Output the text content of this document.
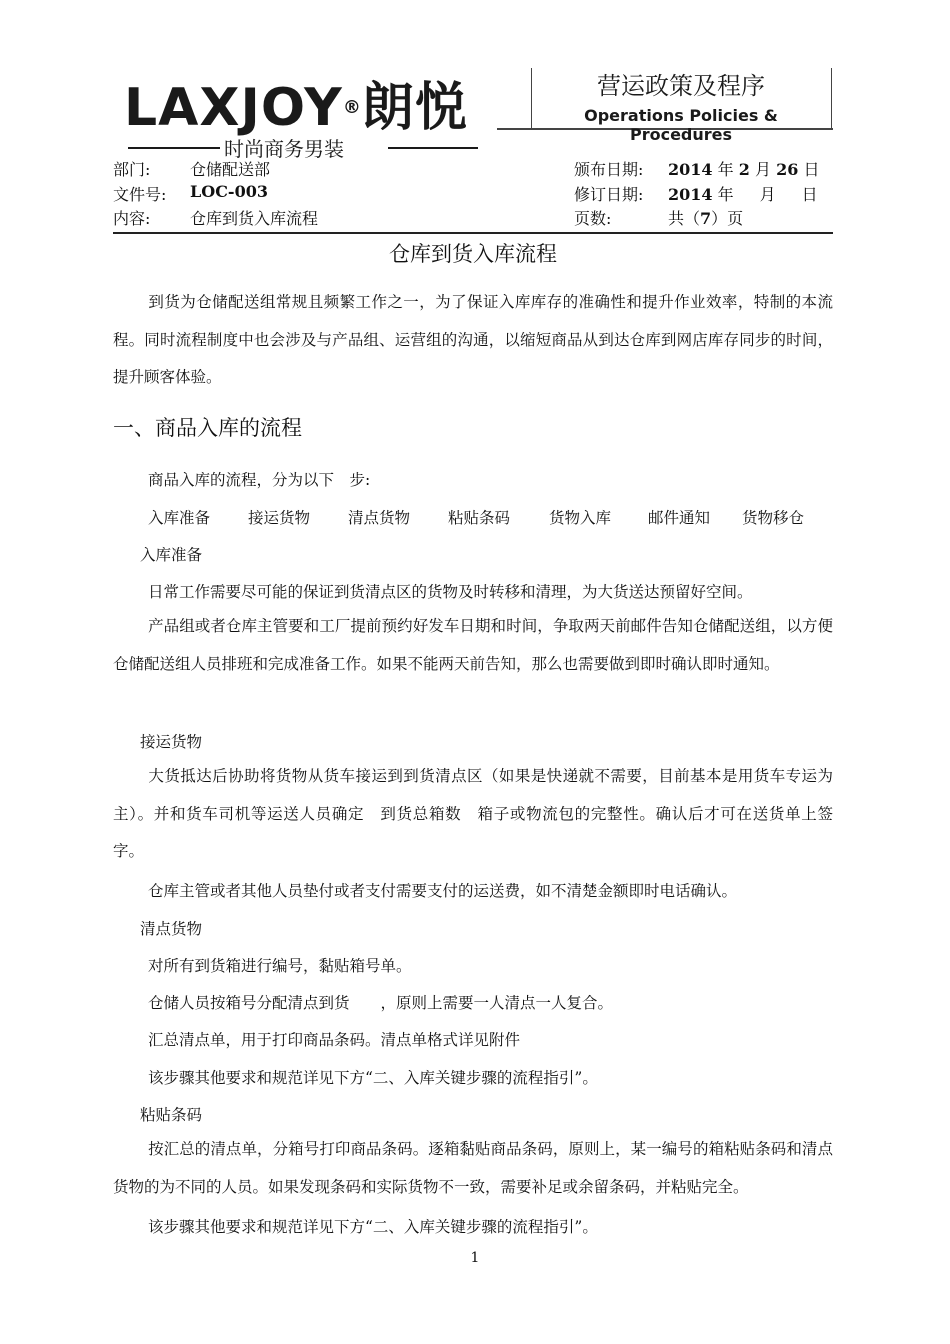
LAXJOY®朗悦
时尚商务男装
营运政策及程序
Operations Policies & Procedures
部门: 仓储配送部
文件号: LOC-003
内容: 仓库到货入库流程
颁布日期: 2014 年 2 月 26 日
修订日期: 2014 年 月 日
页数:	共（7）页
仓库到货入库流程
到货为仓储配送组常规且频繁工作之一，为了保证入库库存的准确性和提升作业效率，特制的本流程。同时流程制度中也会涉及与产品组、运营组的沟通，以缩短商品从到达仓库到网店库存同步的时间，提升顾客体验。
一、商品入库的流程
商品入库的流程，分为以下　步:
入库准备 接运货物 清点货物 粘贴条码	货物入库 邮件通知 货物移仓
入库准备
日常工作需要尽可能的保证到货清点区的货物及时转移和清理，为大货送达预留好空间。
产品组或者仓库主管要和工厂提前预约好发车日期和时间，争取两天前邮件告知仓储配送组，以方便仓储配送组人员排班和完成准备工作。如果不能两天前告知，那么也需要做到即时确认即时通知。
接运货物
大货抵达后协助将货物从货车接运到到货清点区（如果是快递就不需要，目前基本是用货车专运为主）。并和货车司机等运送人员确定　到货总箱数　箱子或物流包的完整性。确认后才可在送货单上签字。
仓库主管或者其他人员垫付或者支付需要支付的运送费，如不清楚金额即时电话确认。
清点货物
对所有到货箱进行编号，黏贴箱号单。
仓储人员按箱号分配清点到货　　，原则上需要一人清点一人复合。
汇总清点单，用于打印商品条码。清点单格式详见附件
该步骤其他要求和规范详见下方“二、入库关键步骤的流程指引”。
粘贴条码
按汇总的清点单，分箱号打印商品条码。逐箱黏贴商品条码，原则上，某一编号的箱粘贴条码和清点货物的为不同的人员。如果发现条码和实际货物不一致，需要补足或余留条码，并粘贴完全。
该步骤其他要求和规范详见下方“二、入库关键步骤的流程指引”。
1
